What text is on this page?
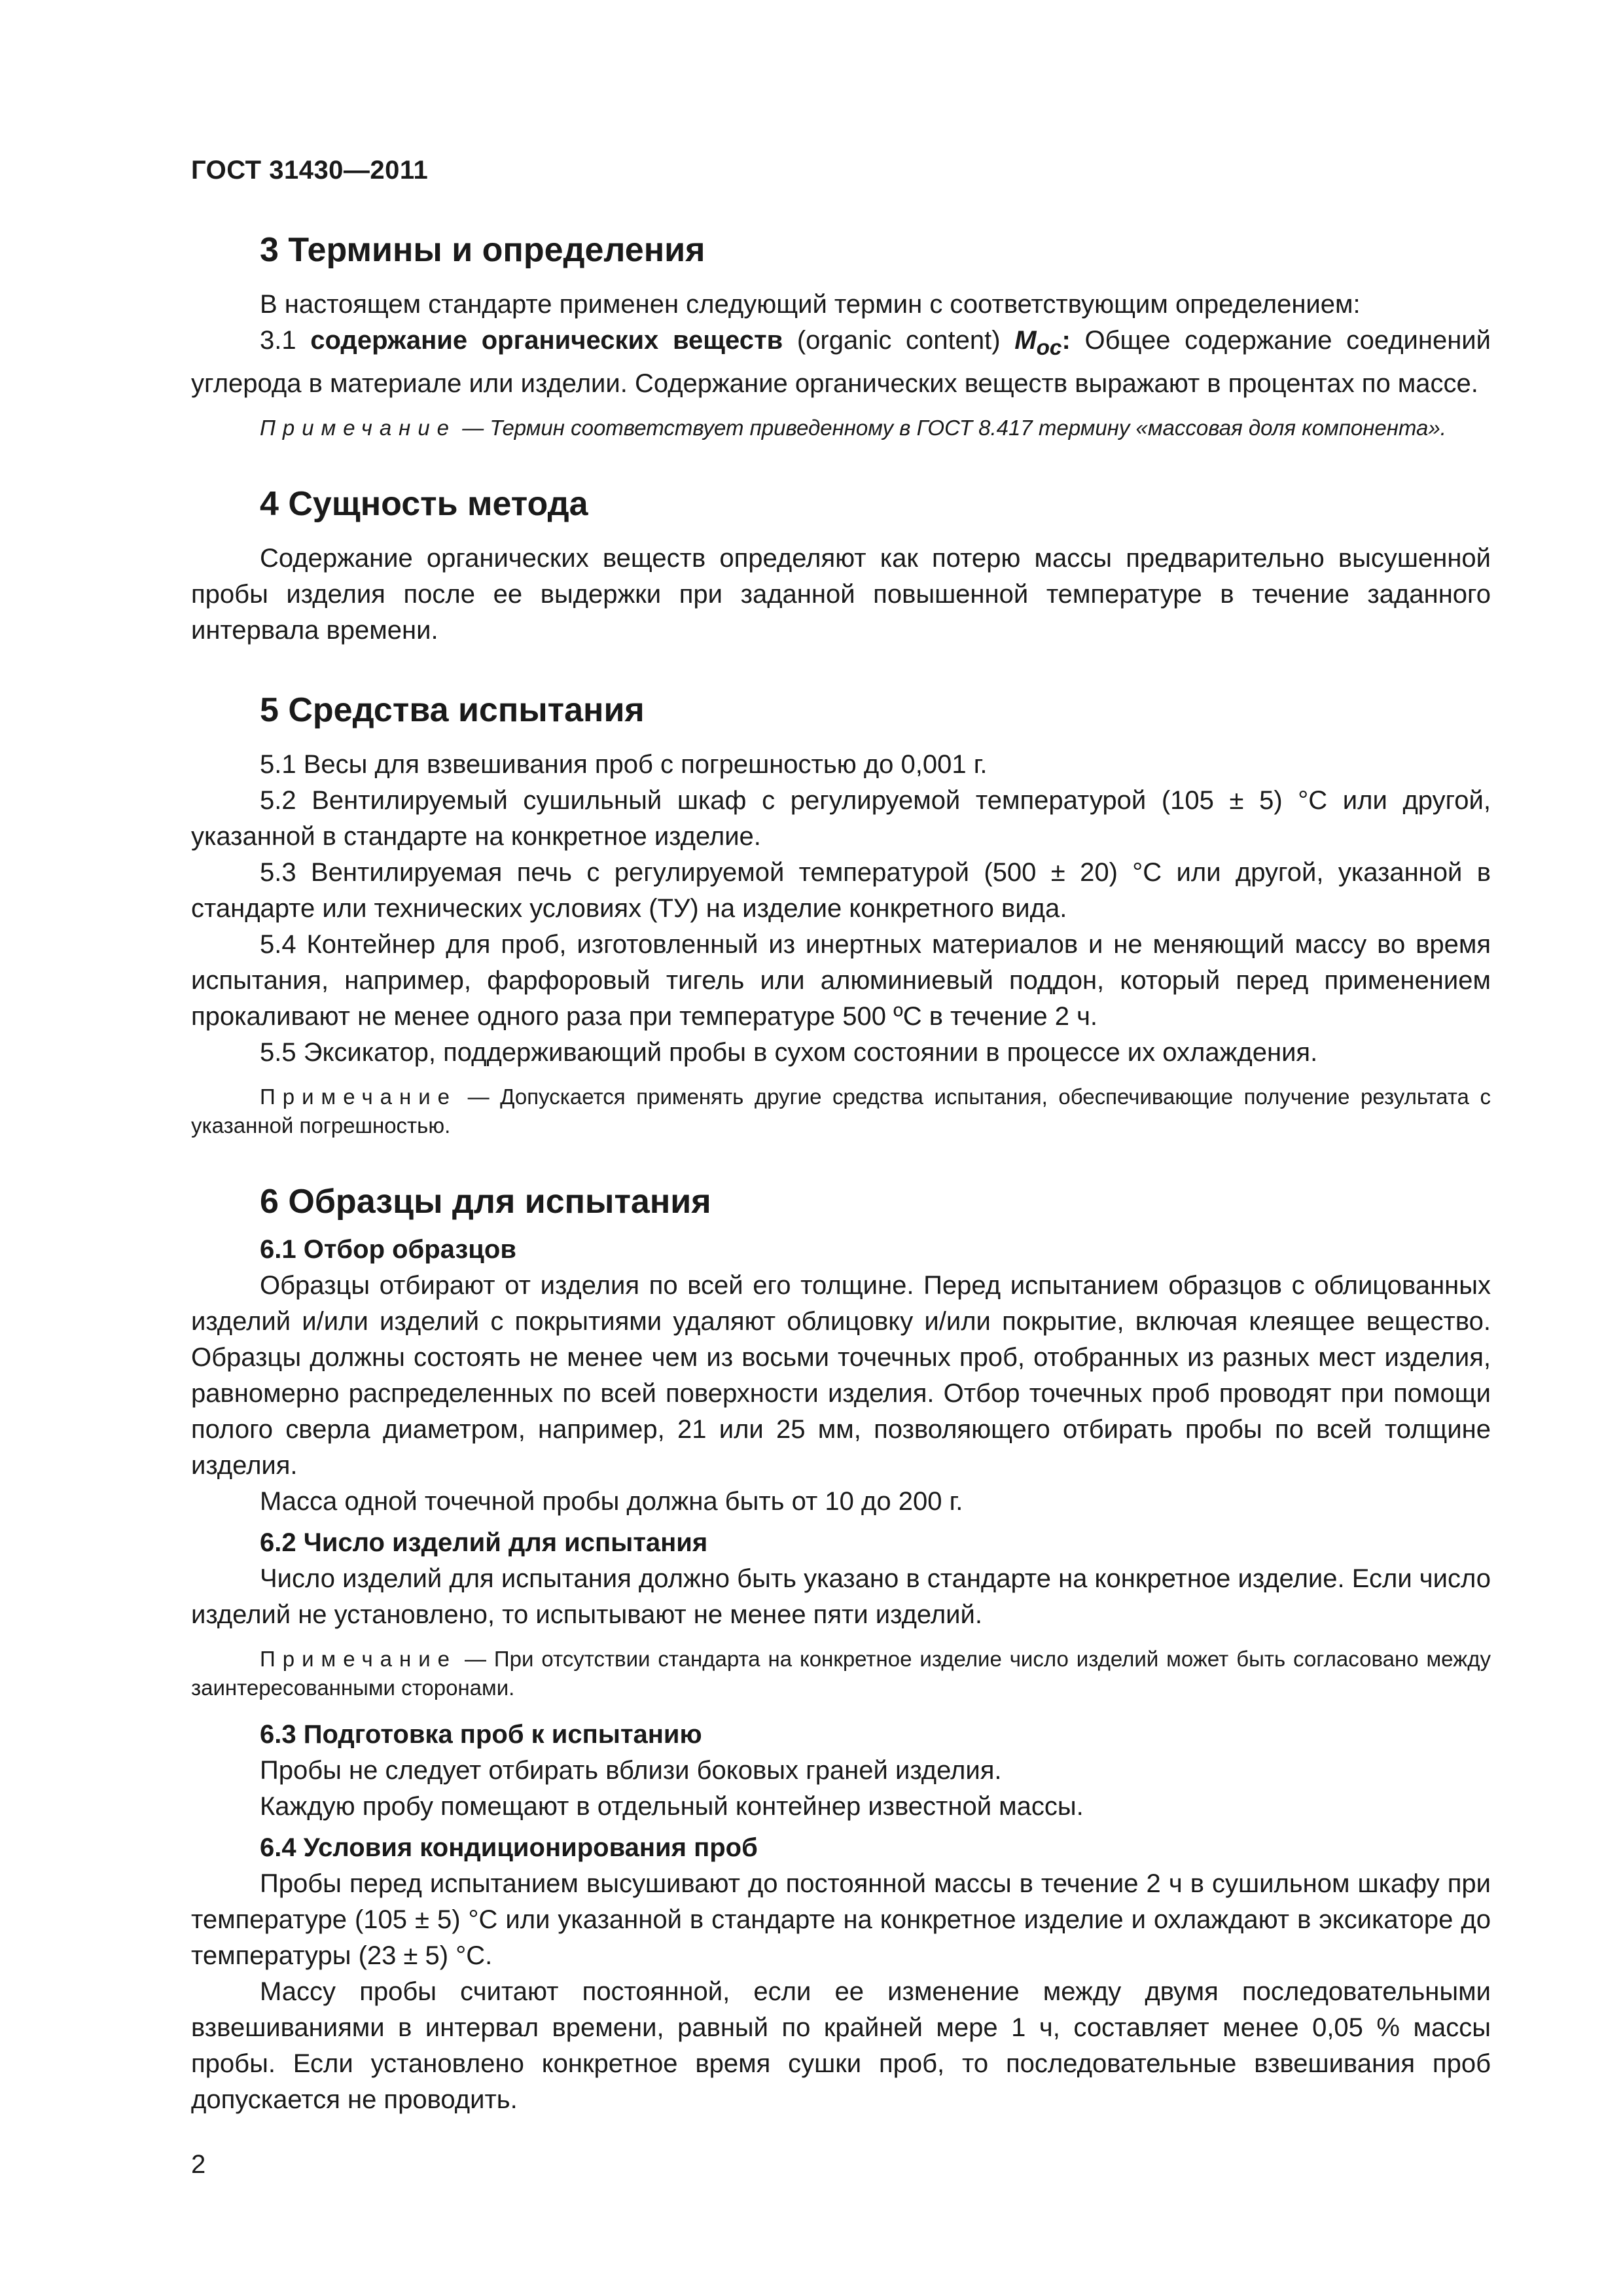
ГОСТ 31430—2011
3 Термины и определения

В настоящем стандарте применен следующий термин с соответствующим определением:

3.1 содержание органических веществ (organic content) $M_{ос}$: Общее содержание соединений углерода в материале или изделии. Содержание органических веществ выражают в процентах по массе.

Примечание — Термин соответствует приведенному в ГОСТ 8.417 термину «массовая доля компонента».

4 Сущность метода

Содержание органических веществ определяют как потерю массы предварительно высушенной пробы изделия после ее выдержки при заданной повышенной температуре в течение заданного интервала времени.

5 Средства испытания

5.1 Весы для взвешивания проб с погрешностью до 0,001 г.

5.2 Вентилируемый сушильный шкаф с регулируемой температурой (105 ± 5) °С или другой, указанной в стандарте на конкретное изделие.

5.3 Вентилируемая печь с регулируемой температурой (500 ± 20) °С или другой, указанной в стандарте или технических условиях (ТУ) на изделие конкретного вида.

5.4 Контейнер для проб, изготовленный из инертных материалов и не меняющий массу во время испытания, например, фарфоровый тигель или алюминиевый поддон, который перед применением прокаливают не менее одного раза при температуре 500 ºС в течение 2 ч.

5.5 Эксикатор, поддерживающий пробы в сухом состоянии в процессе их охлаждения.

Примечание — Допускается применять другие средства испытания, обеспечивающие получение результата с указанной погрешностью.

6 Образцы для испытания
6.1 Отбор образцов

Образцы отбирают от изделия по всей его толщине. Перед испытанием образцов с облицованных изделий и/или изделий с покрытиями удаляют облицовку и/или покрытие, включая клеящее вещество. Образцы должны состоять не менее чем из восьми точечных проб, отобранных из разных мест изделия, равномерно распределенных по всей поверхности изделия. Отбор точечных проб проводят при помощи полого сверла диаметром, например, 21 или 25 мм, позволяющего отбирать пробы по всей толщине изделия.

Масса одной точечной пробы должна быть от 10 до 200 г.

6.2 Число изделий для испытания

Число изделий для испытания должно быть указано в стандарте на конкретное изделие. Если число изделий не установлено, то испытывают не менее пяти изделий.

Примечание — При отсутствии стандарта на конкретное изделие число изделий может быть согласовано между заинтересованными сторонами.

6.3 Подготовка проб к испытанию

Пробы не следует отбирать вблизи боковых граней изделия.

Каждую пробу помещают в отдельный контейнер известной массы.

6.4 Условия кондиционирования проб

Пробы перед испытанием высушивают до постоянной массы в течение 2 ч в сушильном шкафу при температуре (105 ± 5) °С или указанной в стандарте на конкретное изделие и охлаждают в эксикаторе до температуры (23 ± 5) °С.

Массу пробы считают постоянной, если ее изменение между двумя последовательными взвешиваниями в интервал времени, равный по крайней мере 1 ч, составляет менее 0,05 % массы пробы. Если установлено конкретное время сушки проб, то последовательные взвешивания проб допускается не проводить.

2
